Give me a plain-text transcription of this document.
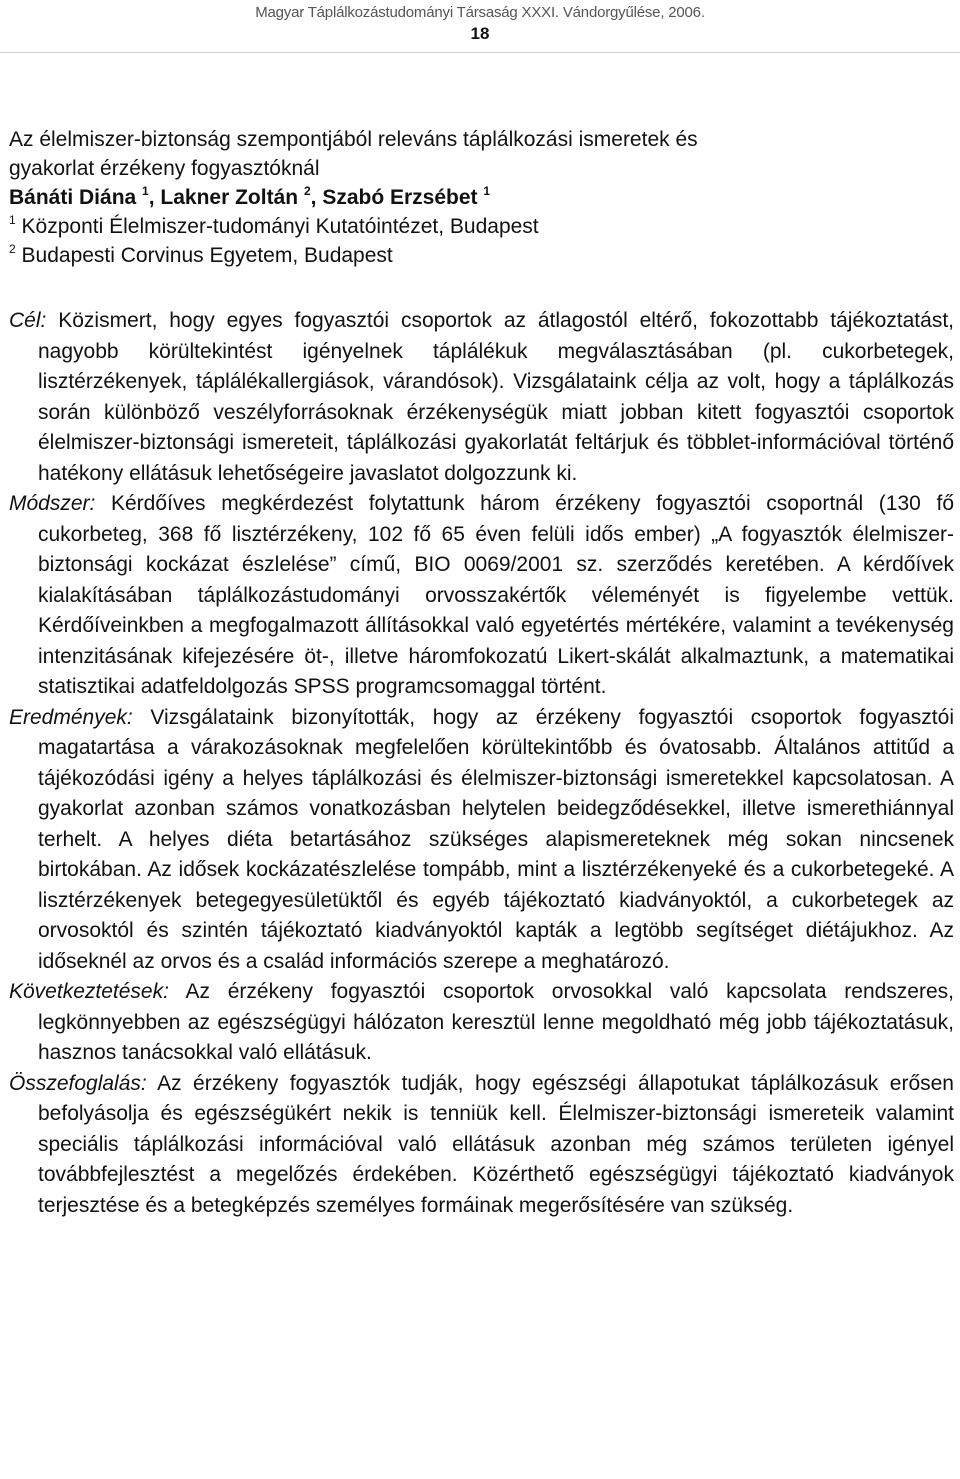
Magyar Táplálkozástudományi Társaság XXXI. Vándorgyűlése, 2006.
18
Az élelmiszer-biztonság szempontjából releváns táplálkozási ismeretek és
gyakorlat érzékeny fogyasztóknál
Bánáti Diána $^1$, Lakner Zoltán $^2$, Szabó Erzsébet $^1$
$^1$ Központi Élelmiszer-tudományi Kutatóintézet, Budapest
$^2$ Budapesti Corvinus Egyetem, Budapest

Cél: Közismert, hogy egyes fogyasztói csoportok az átlagostól eltérő, fokozottabb tájékoztatást, nagyobb körültekintést igényelnek táplálékuk megválasztásában (pl. cukorbetegek, lisztérzékenyek, táplálékallergiások, várandósok). Vizsgálataink célja az volt, hogy a táplálkozás során különböző veszélyforrásoknak érzékenységük miatt jobban kitett fogyasztói csoportok élelmiszer-biztonsági ismereteit, táplálkozási gyakorlatát feltárjuk és többlet-információval történő hatékony ellátásuk lehetőségeire javaslatot dolgozzunk ki.

Módszer: Kérdőíves megkérdezést folytattunk három érzékeny fogyasztói csoportnál (130 fő cukorbeteg, 368 fő lisztérzékeny, 102 fő 65 éven felüli idős ember) „A fogyasztók élelmiszer-biztonsági kockázat észlelése” című, BIO 0069/2001 sz. szerződés keretében. A kérdőívek kialakításában táplálkozástudományi orvosszakértők véleményét is figyelembe vettük. Kérdőíveinkben a megfogalmazott állításokkal való egyetértés mértékére, valamint a tevékenység intenzitásának kifejezésére öt-, illetve háromfokozatú Likert-skálát alkalmaztunk, a matematikai statisztikai adatfeldolgozás SPSS programcsomaggal történt.

Eredmények: Vizsgálataink bizonyították, hogy az érzékeny fogyasztói csoportok fogyasztói magatartása a várakozásoknak megfelelően körültekintőbb és óvatosabb. Általános attitűd a tájékozódási igény a helyes táplálkozási és élelmiszer-biztonsági ismeretekkel kapcsolatosan. A gyakorlat azonban számos vonatkozásban helytelen beidegződésekkel, illetve ismerethiánnyal terhelt. A helyes diéta betartásához szükséges alapismereteknek még sokan nincsenek birtokában. Az idősek kockázatészlelése tompább, mint a lisztérzékenyeké és a cukorbetegeké. A lisztérzékenyek betegegyesületüktől és egyéb tájékoztató kiadványoktól, a cukorbetegek az orvosoktól és szintén tájékoztató kiadványoktól kapták a legtöbb segítséget diétájukhoz. Az időseknél az orvos és a család információs szerepe a meghatározó.

Következtetések: Az érzékeny fogyasztói csoportok orvosokkal való kapcsolata rendszeres, legkönnyebben az egészségügyi hálózaton keresztül lenne megoldható még jobb tájékoztatásuk, hasznos tanácsokkal való ellátásuk.

Összefoglalás: Az érzékeny fogyasztók tudják, hogy egészségi állapotukat táplálkozásuk erősen befolyásolja és egészségükért nekik is tenniük kell. Élelmiszer-biztonsági ismereteik valamint speciális táplálkozási információval való ellátásuk azonban még számos területen igényel továbbfejlesztést a megelőzés érdekében. Közérthető egészségügyi tájékoztató kiadványok terjesztése és a betegképzés személyes formáinak megerősítésére van szükség.
